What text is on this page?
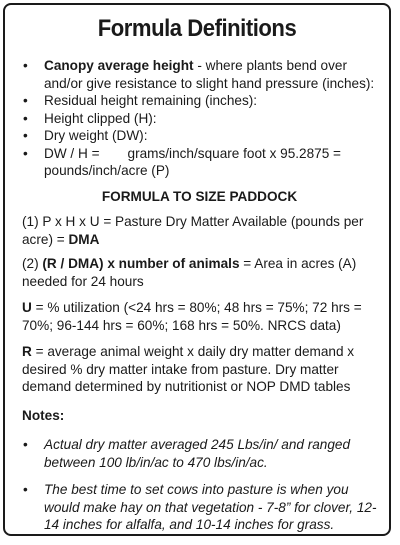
Formula Definitions
• Canopy average height - where plants bend over and/or give resistance to slight hand pressure (inches):
• Residual height remaining (inches):
• Height clipped (H):
• Dry weight (DW):
• DW / H = grams/inch/square foot x 95.2875 = pounds/inch/acre (P)
FORMULA TO SIZE PADDOCK

(1) P x H x U = Pasture Dry Matter Available (pounds per acre) = DMA

(2) (R / DMA) x number of animals = Area in acres (A) needed for 24 hours

U = % utilization (<24 hrs = 80%; 48 hrs = 75%; 72 hrs = 70%; 96-144 hrs = 60%; 168 hrs = 50%. NRCS data)

R = average animal weight x daily dry matter demand x desired % dry matter intake from pasture. Dry matter demand determined by nutritionist or NOP DMD tables

Notes:
• Actual dry matter averaged 245 Lbs/in/ and ranged between 100 lb/in/ac to 470 lbs/in/ac.
• The best time to set cows into pasture is when you would make hay on that vegetation - 7-8” for clover, 12-14 inches for alfalfa, and 10-14 inches for grass.
